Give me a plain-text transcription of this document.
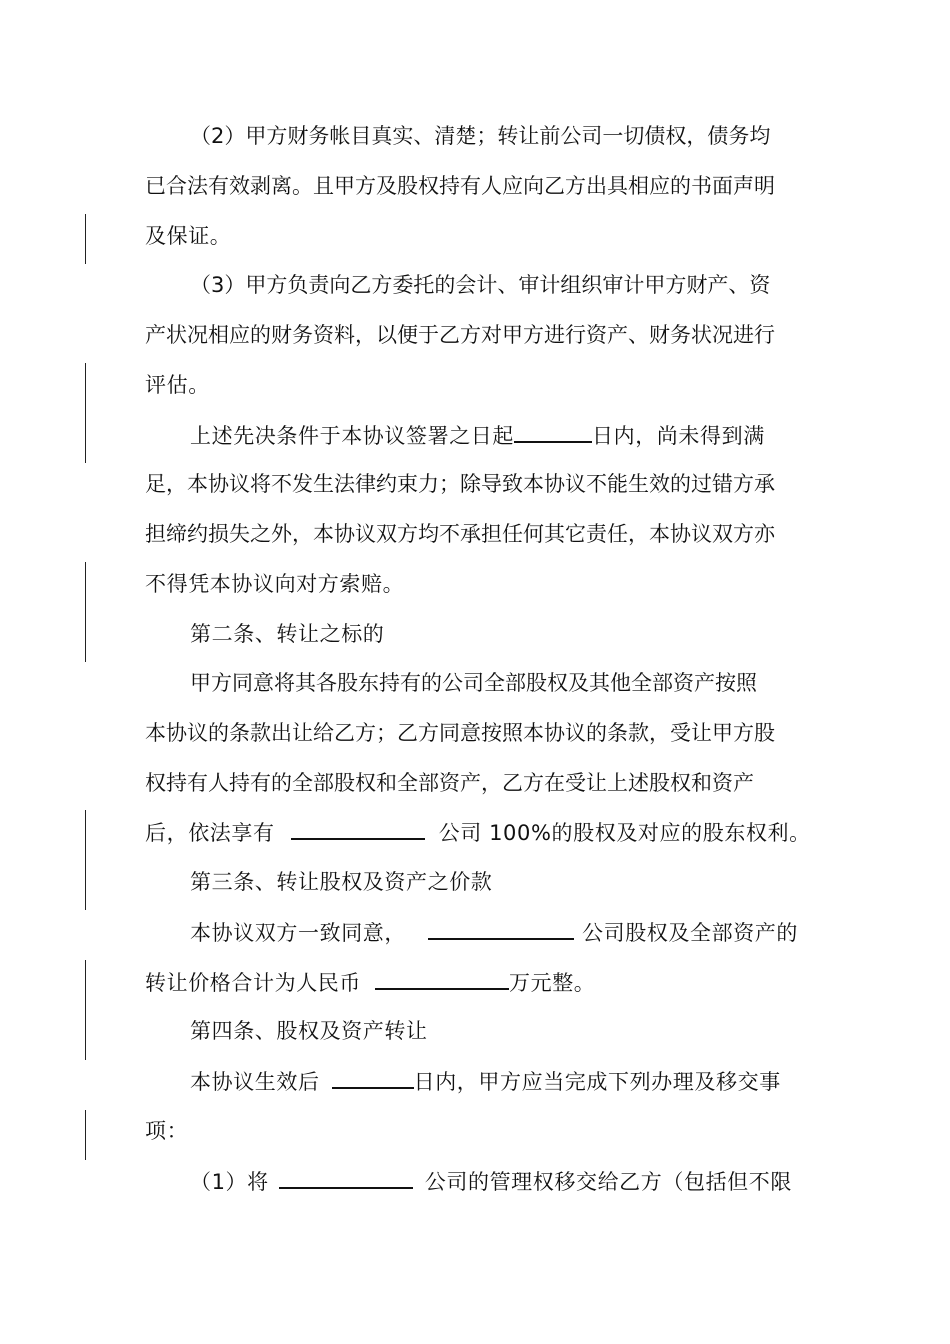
（2）甲方财务帐目真实、清楚；转让前公司一切债权，债务均
已合法有效剥离。且甲方及股权持有人应向乙方出具相应的书面声明
及保证。
（3）甲方负责向乙方委托的会计、审计组织审计甲方财产、资
产状况相应的财务资料，以便于乙方对甲方进行资产、财务状况进行
评估。
上述先决条件于本协议签署之日起	日内，尚未得到满
足，本协议将不发生法律约束力；除导致本协议不能生效的过错方承
担缔约损失之外，本协议双方均不承担任何其它责任，本协议双方亦
不得凭本协议向对方索赔。
第二条、转让之标的
甲方同意将其各股东持有的公司全部股权及其他全部资产按照
本协议的条款出让给乙方；乙方同意按照本协议的条款，受让甲方股
权持有人持有的全部股权和全部资产，乙方在受让上述股权和资产
后，依法享有	公司 100%的股权及对应的股东权利。
第三条、转让股权及资产之价款
本协议双方一致同意，	公司股权及全部资产的
转让价格合计为人民币	万元整。
第四条、股权及资产转让
本协议生效后	日内，甲方应当完成下列办理及移交事
项：
（1）将	公司的管理权移交给乙方（包括但不限
